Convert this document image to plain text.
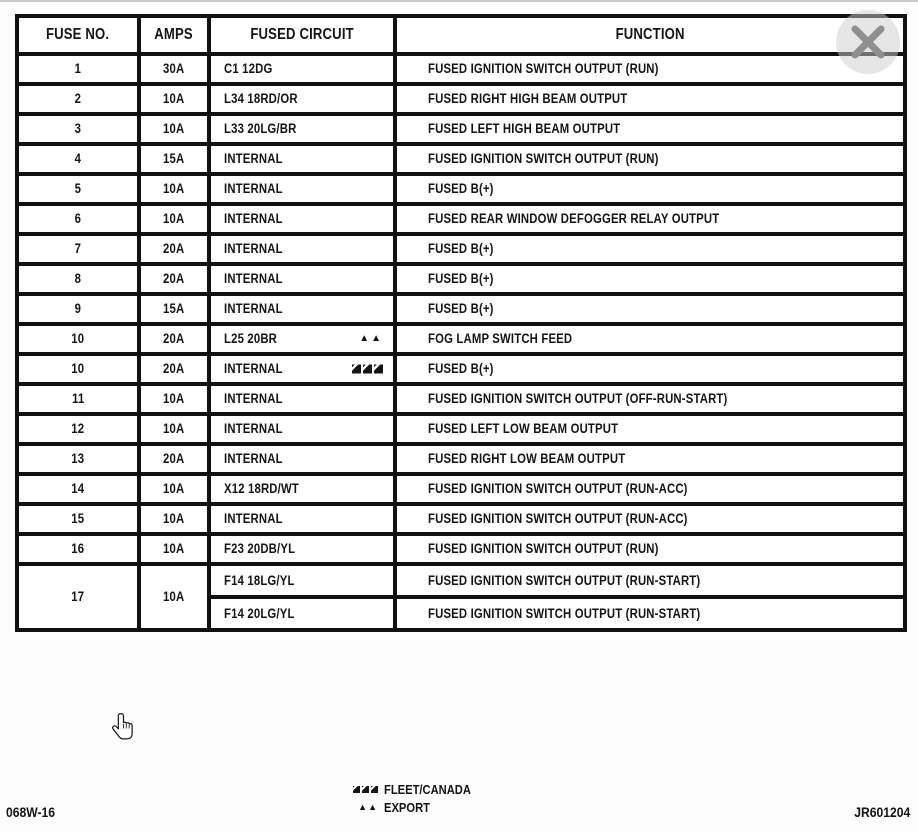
FUSE NO.	AMPS	FUSED CIRCUIT	FUNCTION
1	30A	C1 12DG	FUSED IGNITION SWITCH OUTPUT (RUN)
2	10A	L34 18RD/OR	FUSED RIGHT HIGH BEAM OUTPUT
3	10A	L33 20LG/BR	FUSED LEFT HIGH BEAM OUTPUT
4	15A	INTERNAL	FUSED IGNITION SWITCH OUTPUT (RUN)
5	10A	INTERNAL	FUSED B(+)
6	10A	INTERNAL	FUSED REAR WINDOW DEFOGGER RELAY OUTPUT
7	20A	INTERNAL	FUSED B(+)
8	20A	INTERNAL	FUSED B(+)
9	15A	INTERNAL	FUSED B(+)
10	20A	L25 20BR ▲▲	FOG LAMP SWITCH FEED
10	20A	INTERNAL	FUSED B(+)
11	10A	INTERNAL	FUSED IGNITION SWITCH OUTPUT (OFF-RUN-START)
12	10A	INTERNAL	FUSED LEFT LOW BEAM OUTPUT
13	20A	INTERNAL	FUSED RIGHT LOW BEAM OUTPUT
14	10A	X12 18RD/WT	FUSED IGNITION SWITCH OUTPUT (RUN-ACC)
15	10A	INTERNAL	FUSED IGNITION SWITCH OUTPUT (RUN-ACC)
16	10A	F23 20DB/YL	FUSED IGNITION SWITCH OUTPUT (RUN)
17	10A	F14 18LG/YL	FUSED IGNITION SWITCH OUTPUT (RUN-START)
		F14 20LG/YL	FUSED IGNITION SWITCH OUTPUT (RUN-START)
FLEET/CANADA
▲▲ EXPORT
068W-16	JR601204
